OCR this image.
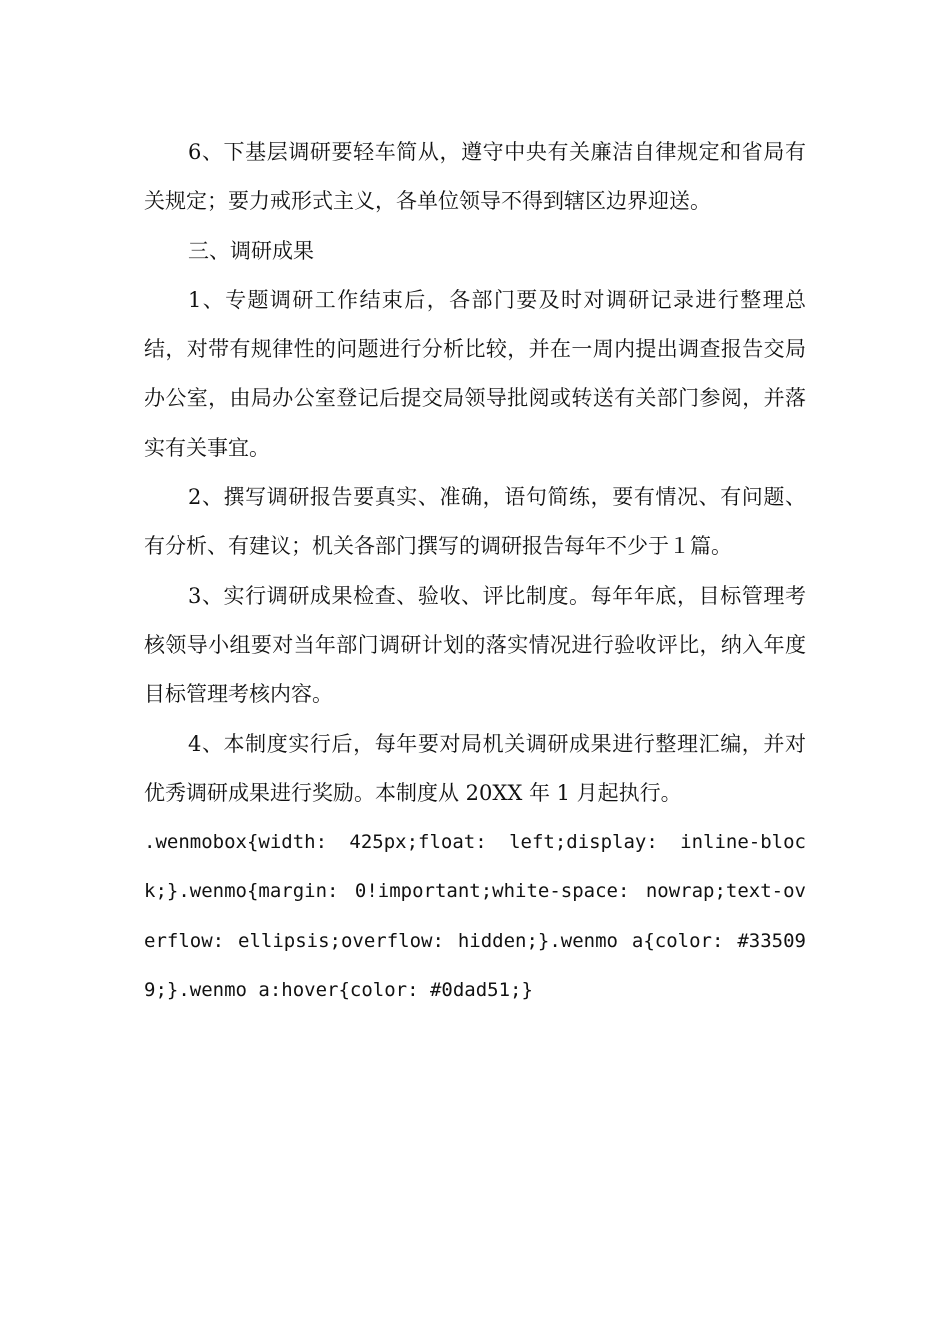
6、下基层调研要轻车简从，遵守中央有关廉洁自律规定和省局有关规定；要力戒形式主义，各单位领导不得到辖区边界迎送。

三、调研成果

1、专题调研工作结束后，各部门要及时对调研记录进行整理总结，对带有规律性的问题进行分析比较，并在一周内提出调查报告交局办公室，由局办公室登记后提交局领导批阅或转送有关部门参阅，并落实有关事宜。

2、撰写调研报告要真实、准确，语句简练，要有情况、有问题、有分析、有建议；机关各部门撰写的调研报告每年不少于１篇。

3、实行调研成果检查、验收、评比制度。每年年底，目标管理考核领导小组要对当年部门调研计划的落实情况进行验收评比，纳入年度目标管理考核内容。

4、本制度实行后，每年要对局机关调研成果进行整理汇编，并对优秀调研成果进行奖励。本制度从 20XX 年 1 月起执行。

.wenmobox{width: 425px;float: left;display: inline-block;}.wenmo{margin: 0!important;white-space: nowrap;text-overflow: ellipsis;overflow: hidden;}.wenmo a{color: #335099;}.wenmo a:hover{color: #0dad51;}
